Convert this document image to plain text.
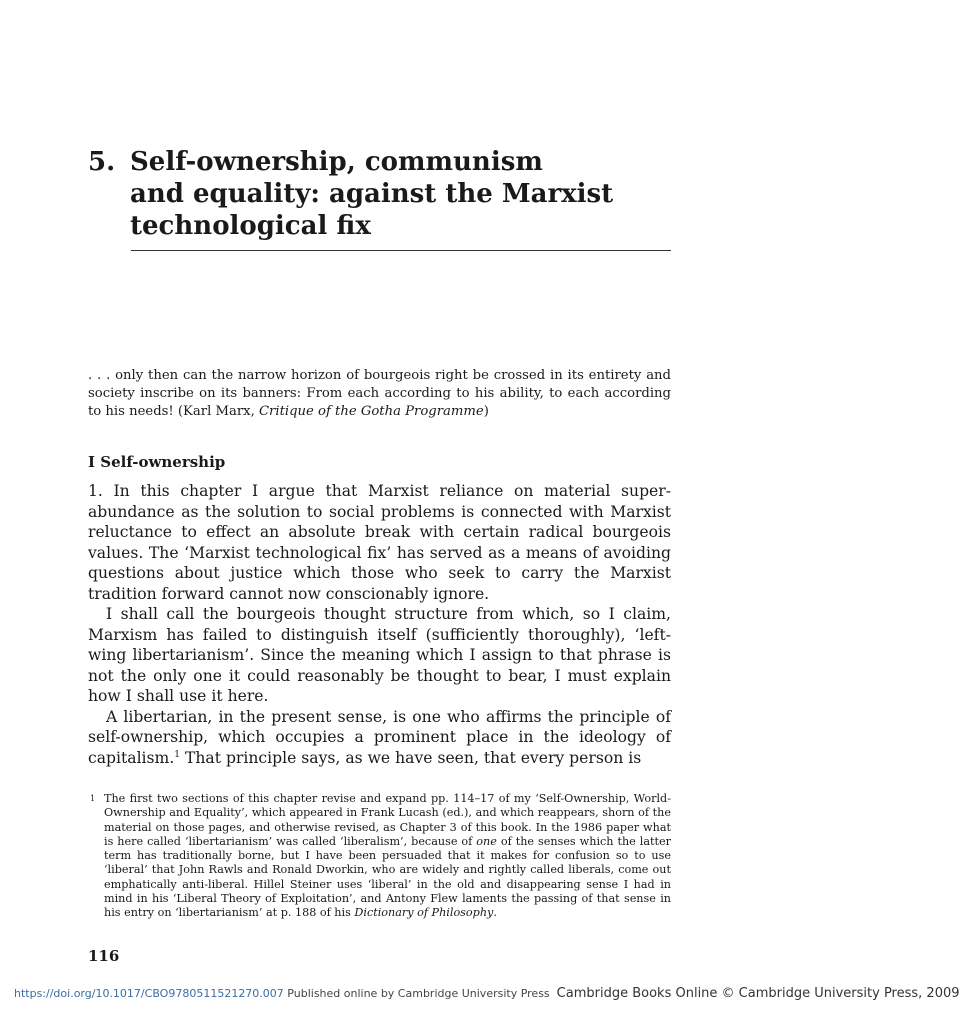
5. Self-ownership, communism
and equality: against the Marxist
technological fix
. . . only then can the narrow horizon of bourgeois right be crossed in its entirety and society inscribe on its banners: From each according to his ability, to each according to his needs! (Karl Marx, Critique of the Gotha Programme)
I Self-ownership

1. In this chapter I argue that Marxist reliance on material super-abundance as the solution to social problems is connected with Marxist reluctance to effect an absolute break with certain radical bourgeois values. The ‘Marxist technological fix’ has served as a means of avoiding questions about justice which those who seek to carry the Marxist tradition forward cannot now conscionably ignore.

I shall call the bourgeois thought structure from which, so I claim, Marxism has failed to distinguish itself (sufficiently thoroughly), ‘left-wing libertarianism’. Since the meaning which I assign to that phrase is not the only one it could reasonably be thought to bear, I must explain how I shall use it here.

A libertarian, in the present sense, is one who affirms the principle of self-ownership, which occupies a prominent place in the ideology of capitalism.$^1$ That principle says, as we have seen, that every person is

1 The first two sections of this chapter revise and expand pp. 114–17 of my ‘Self-Ownership, World-Ownership and Equality’, which appeared in Frank Lucash (ed.), and which reappears, shorn of the material on those pages, and otherwise revised, as Chapter 3 of this book. In the 1986 paper what is here called ‘libertarianism’ was called ‘liberalism’, because of one of the senses which the latter term has traditionally borne, but I have been persuaded that it makes for confusion so to use ‘liberal’ that John Rawls and Ronald Dworkin, who are widely and rightly called liberals, come out emphatically anti-liberal. Hillel Steiner uses ‘liberal’ in the old and disappearing sense I had in mind in his ‘Liberal Theory of Exploitation’, and Antony Flew laments the passing of that sense in his entry on ‘libertarianism’ at p. 188 of his Dictionary of Philosophy.
116
https://doi.org/10.1017/CBO9780511521270.007 Published online by Cambridge University Press Cambridge Books Online © Cambridge University Press, 2009
